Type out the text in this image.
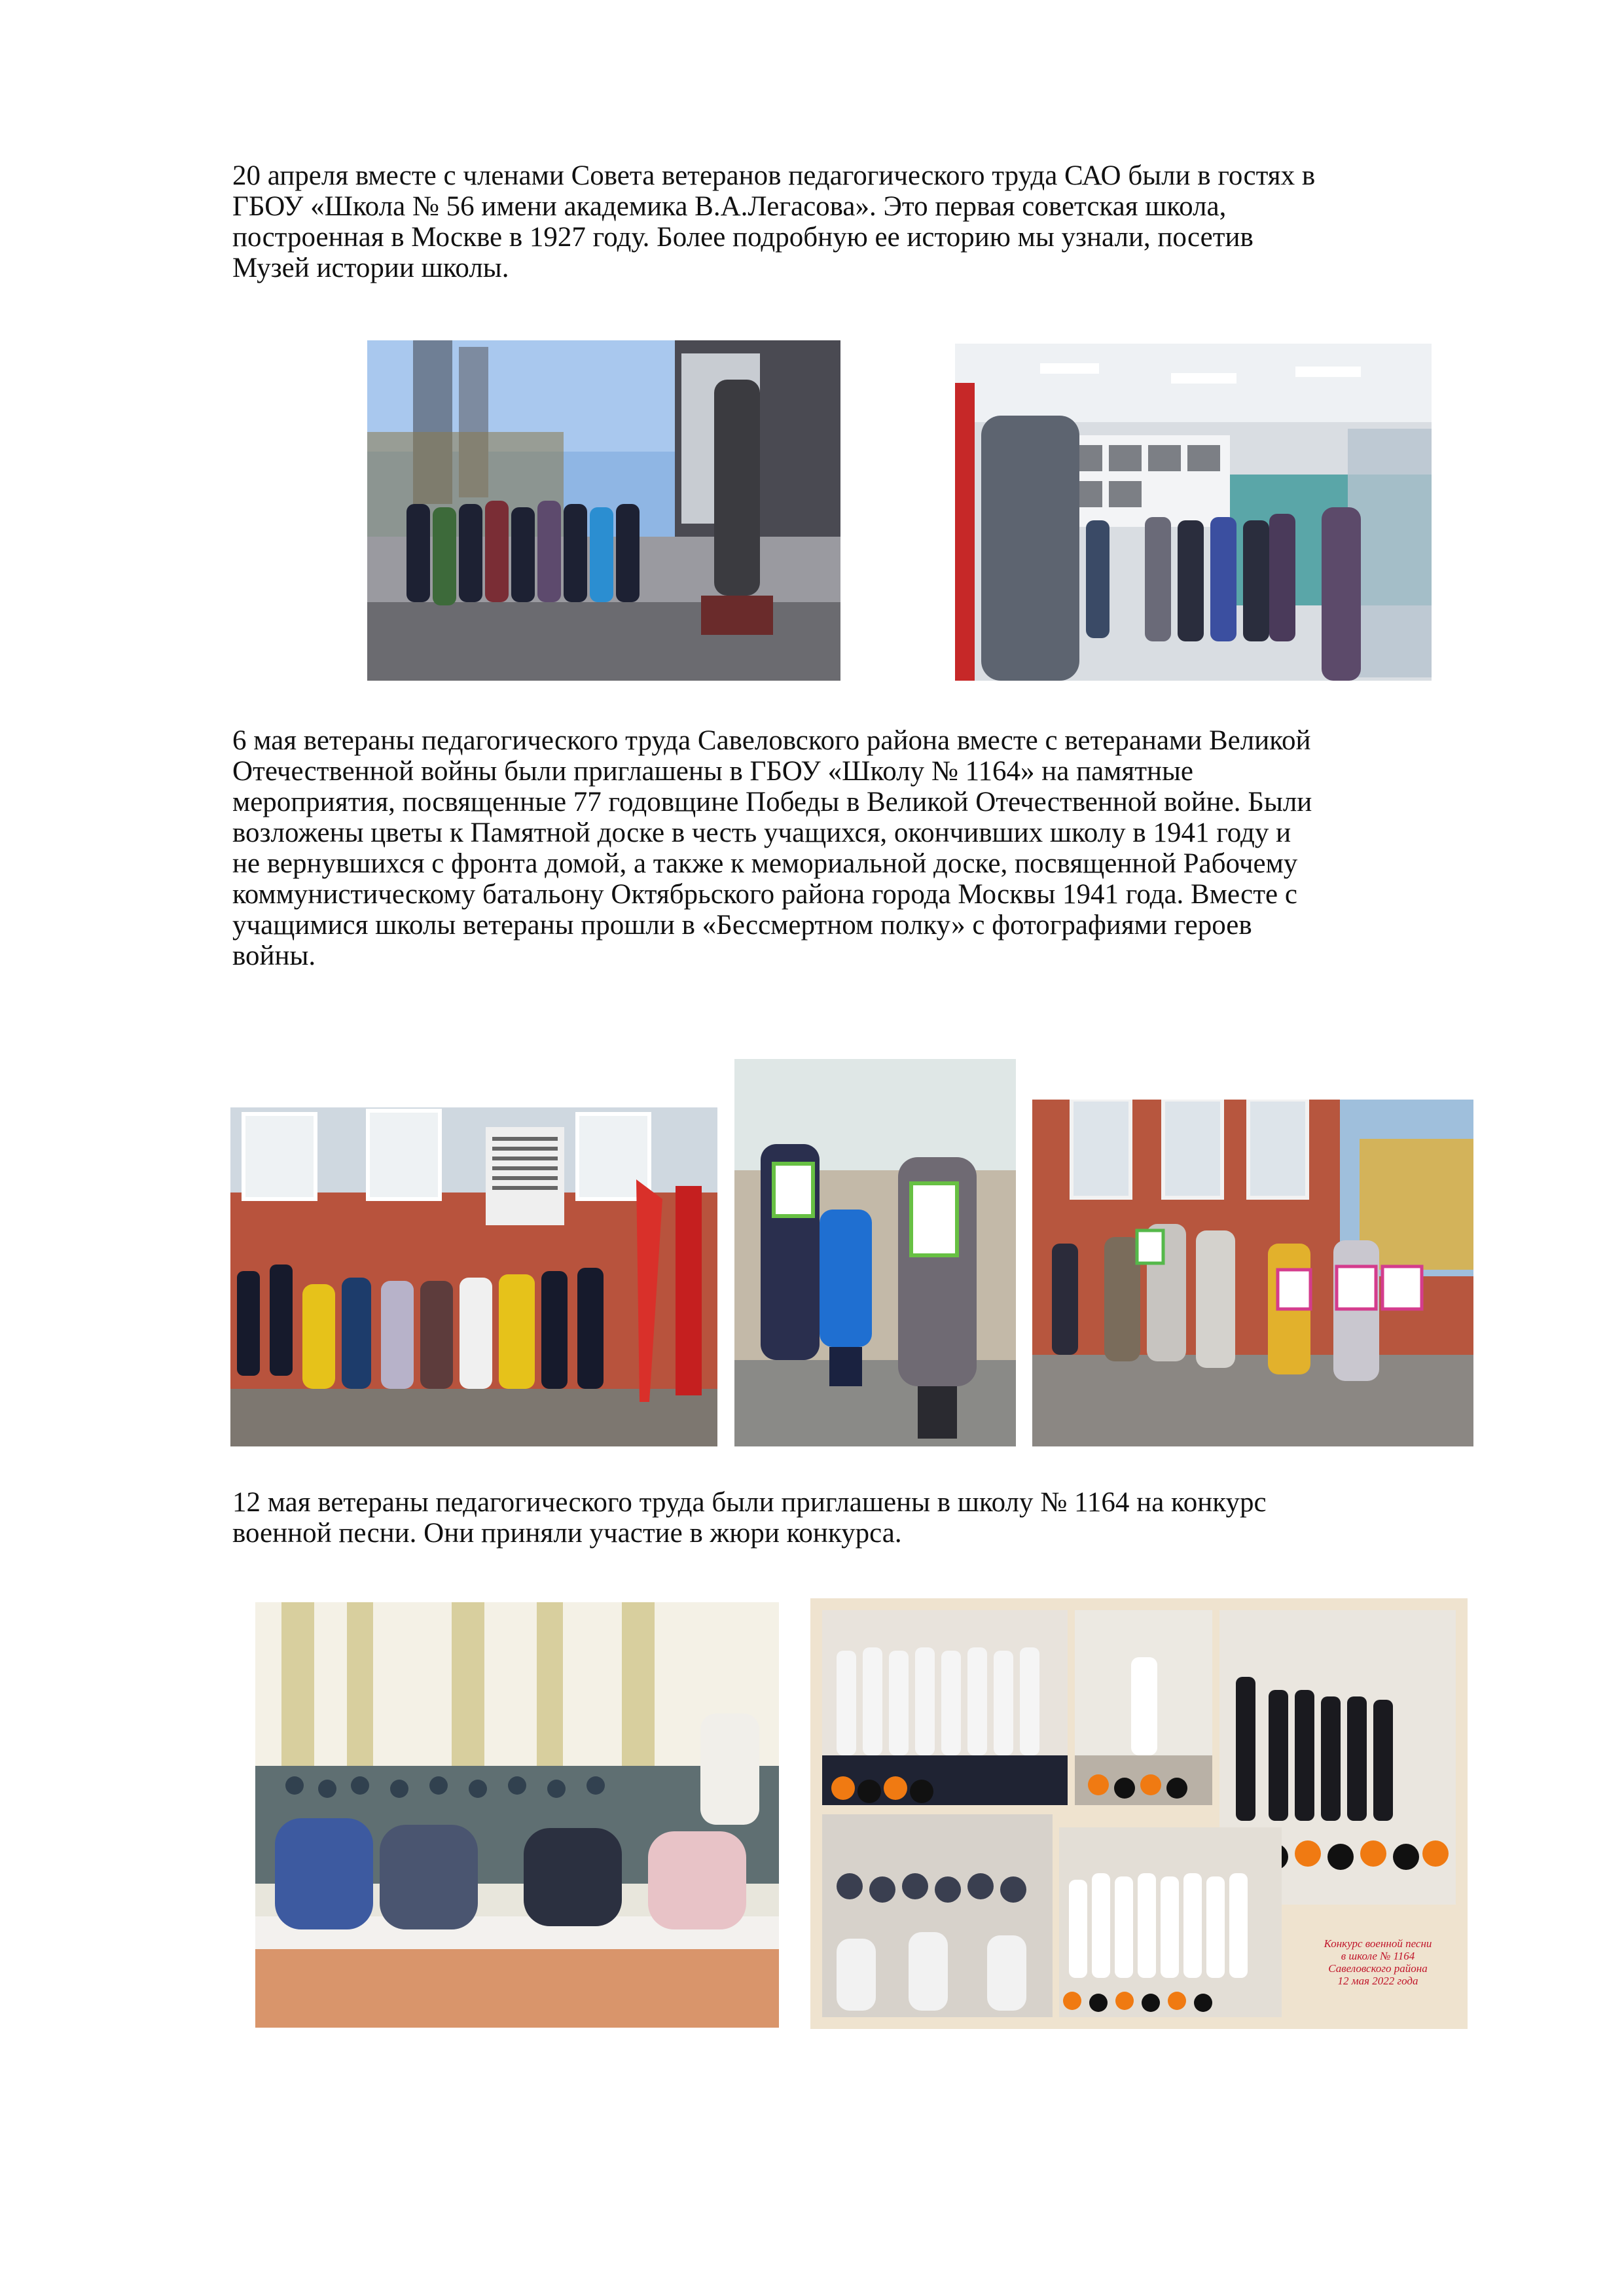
20 апреля вместе с членами Совета ветеранов педагогического труда САО были в гостях в
ГБОУ «Школа № 56 имени академика В.А.Легасова». Это первая советская школа,
построенная в Москве в 1927 году. Более подробную ее историю мы узнали, посетив
Музей истории школы.
6 мая ветераны педагогического труда Савеловского района вместе с ветеранами Великой
Отечественной войны были приглашены в ГБОУ «Школу № 1164» на памятные
мероприятия, посвященные 77 годовщине Победы в Великой Отечественной войне. Были
возложены цветы к Памятной доске в честь учащихся, окончивших школу в 1941 году и
не вернувшихся с фронта домой, а также к мемориальной доске, посвященной Рабочему
коммунистическому батальону Октябрьского района города Москвы 1941 года. Вместе с
учащимися школы ветераны прошли в «Бессмертном полку» с фотографиями героев
войны.
12 мая ветераны педагогического труда были приглашены в школу № 1164 на конкурс
военной песни. Они приняли участие в жюри конкурса.
Конкурс военной песни
в школе № 1164
Савеловского района
12 мая 2022 года
